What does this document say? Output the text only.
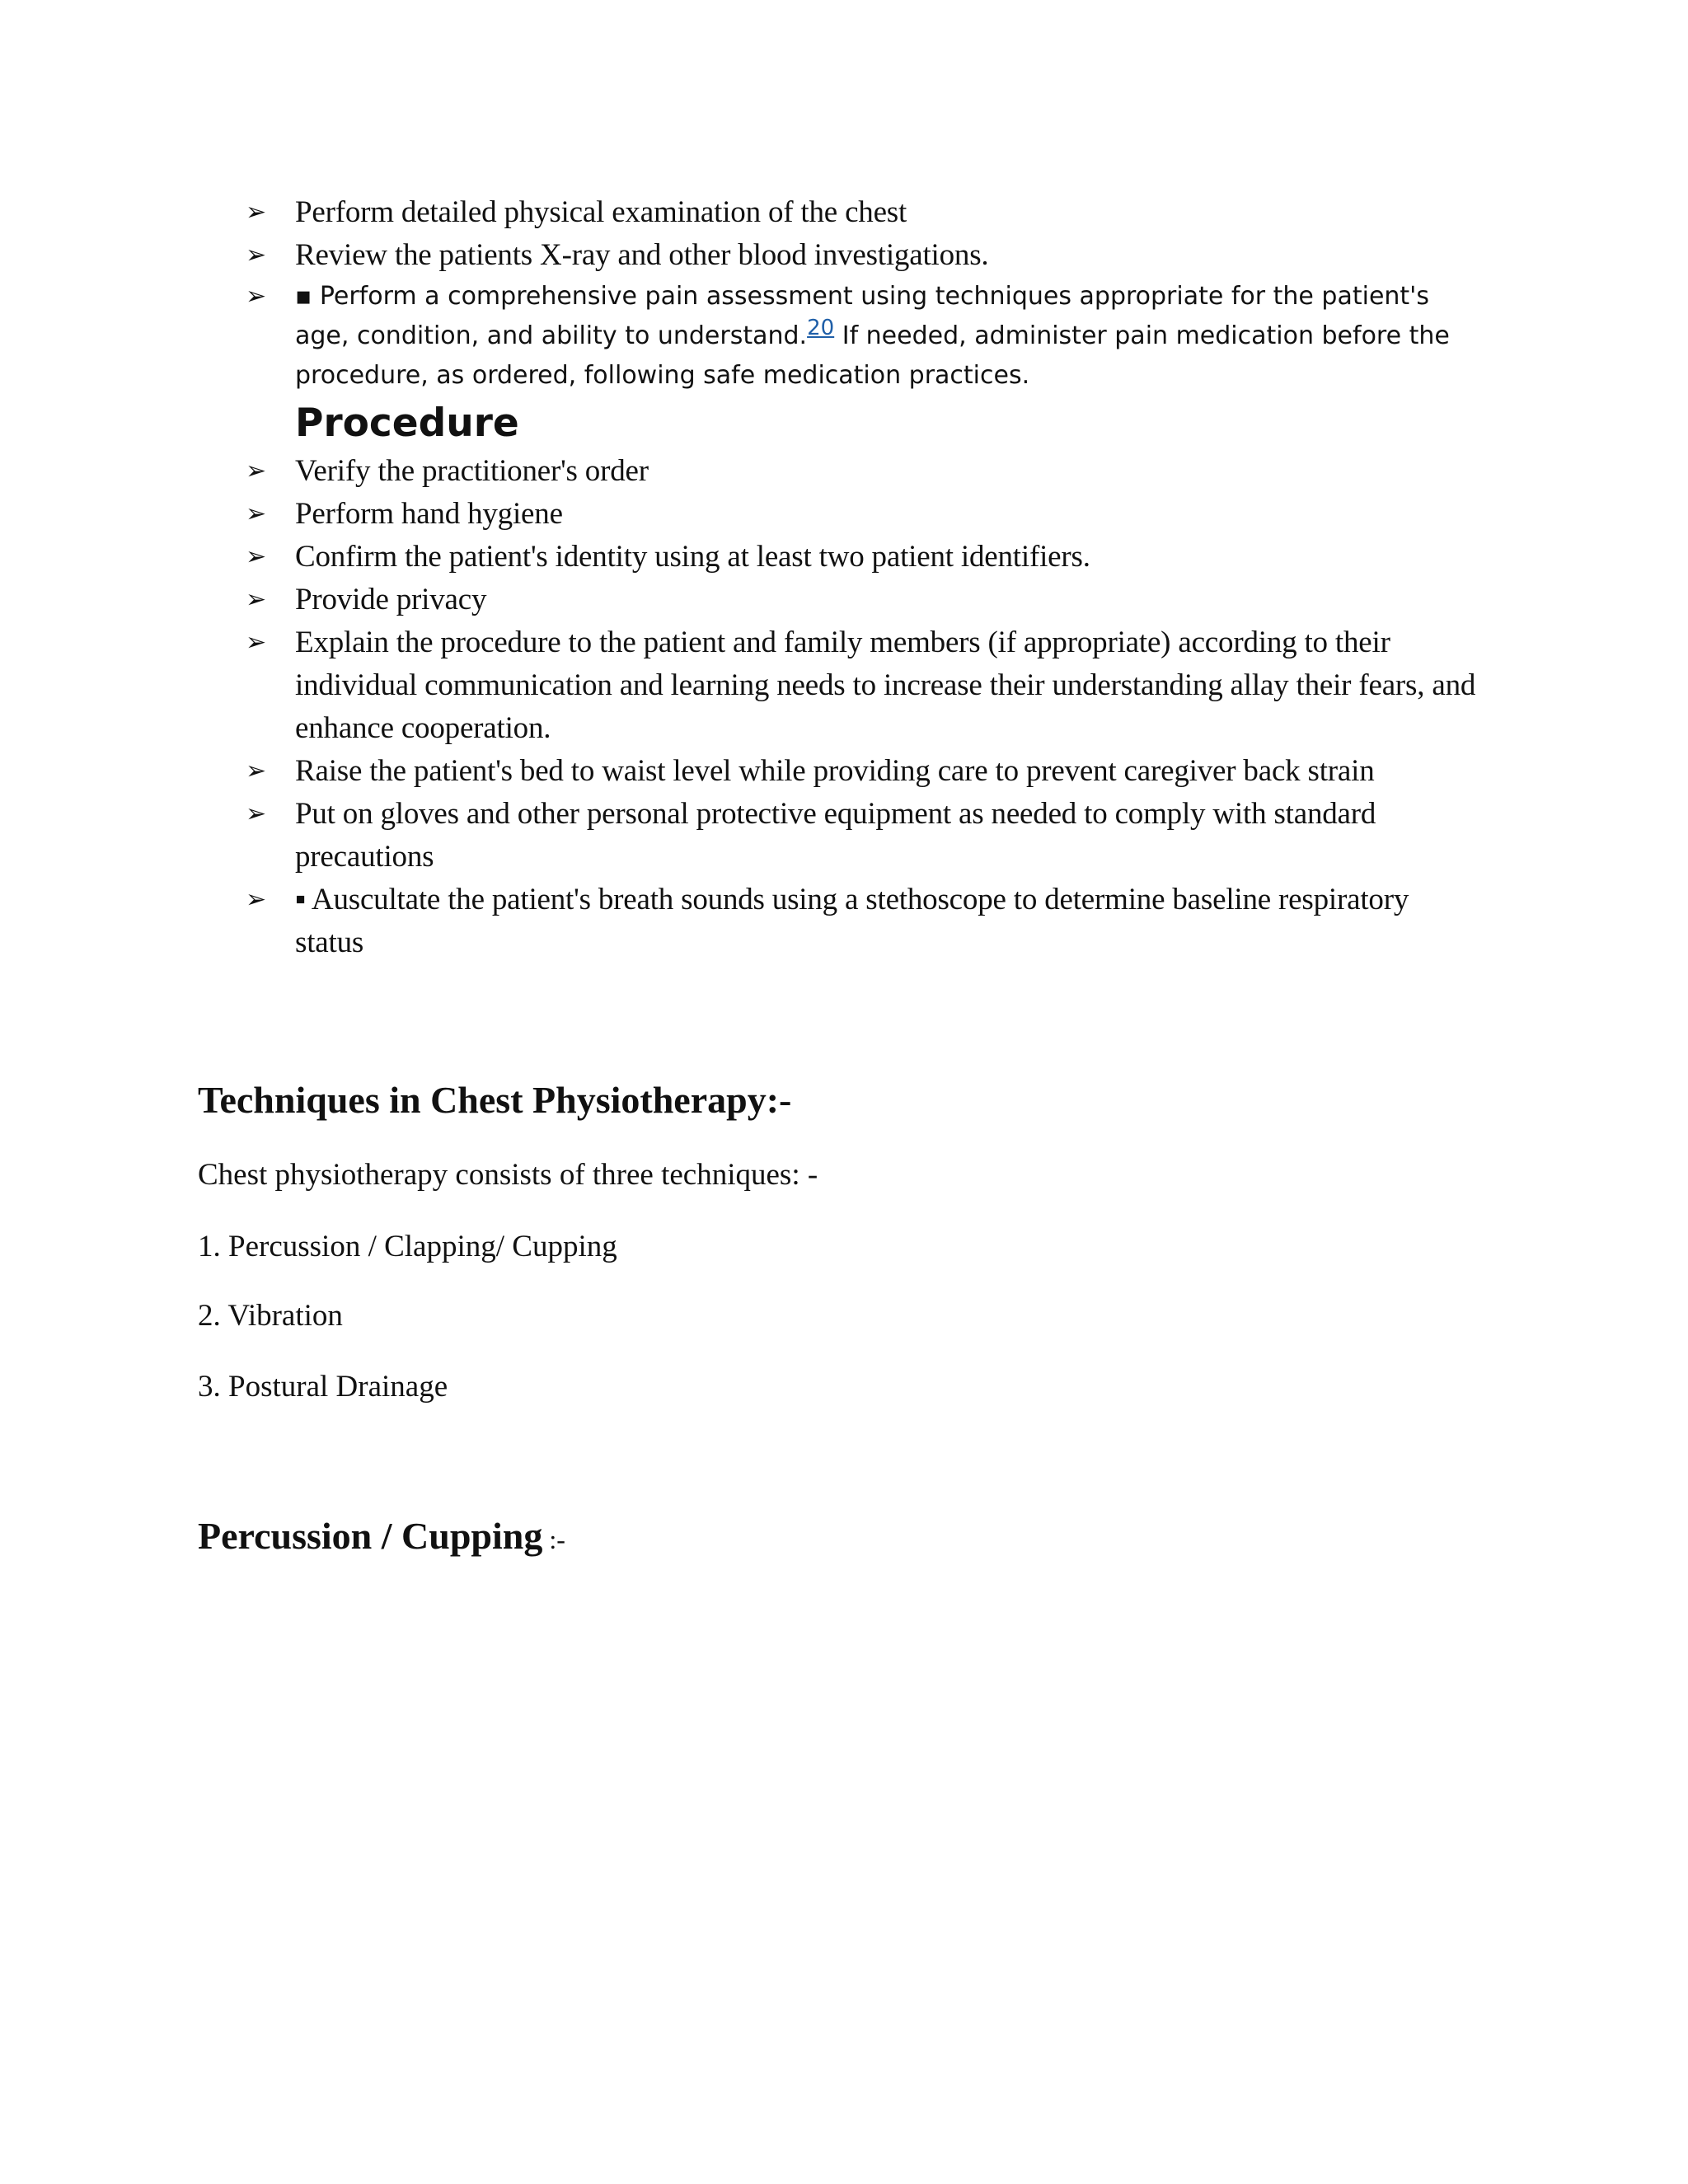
➢ Perform detailed physical examination of the chest
➢ Review the patients X-ray and other blood investigations.
➢ ▪ Perform a comprehensive pain assessment using techniques appropriate for the patient's age, condition, and ability to understand.20 If needed, administer pain medication before the procedure, as ordered, following safe medication practices.
Procedure
➢ Verify the practitioner's order
➢ Perform hand hygiene
➢ Confirm the patient's identity using at least two patient identifiers.
➢ Provide privacy
➢ Explain the procedure to the patient and family members (if appropriate) according to their individual communication and learning needs to increase their understanding allay their fears, and enhance cooperation.
➢ Raise the patient's bed to waist level while providing care to prevent caregiver back strain
➢ Put on gloves and other personal protective equipment as needed to comply with standard precautions
➢ ▪ Auscultate the patient's breath sounds using a stethoscope to determine baseline respiratory status
Techniques in Chest Physiotherapy:-

Chest physiotherapy consists of three techniques: -

1. Percussion / Clapping/ Cupping

2. Vibration

3. Postural Drainage

Percussion / Cupping :-
